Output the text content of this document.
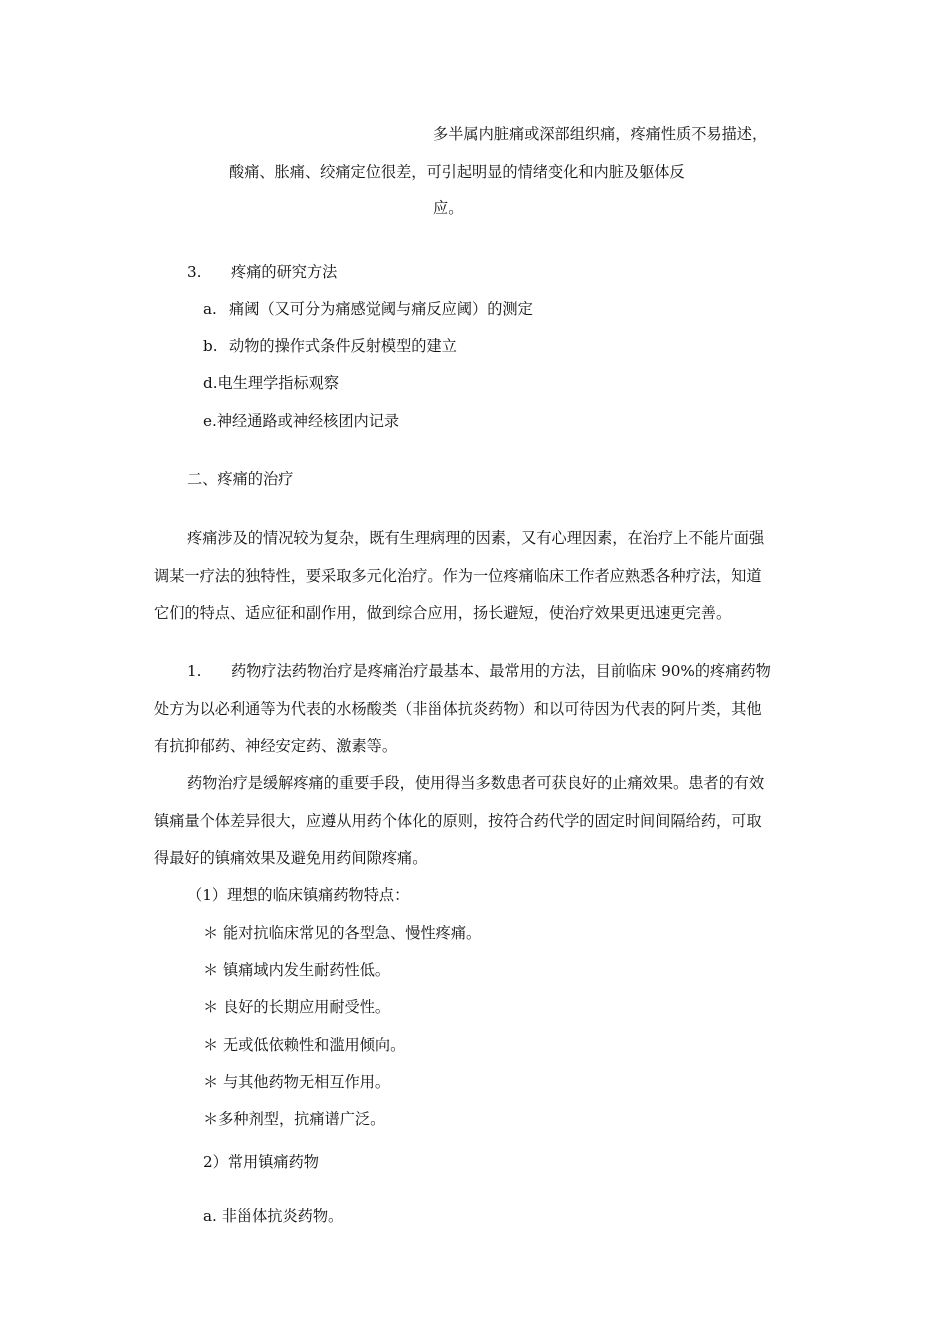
多半属内脏痛或深部组织痛，疼痛性质不易描述，
酸痛、胀痛、绞痛定位很差，可引起明显的情绪变化和内脏及躯体反
应。
3. 疼痛的研究方法
a. 痛阈（又可分为痛感觉阈与痛反应阈）的测定
b. 动物的操作式条件反射模型的建立
d.电生理学指标观察
e.神经通路或神经核团内记录
二、疼痛的治疗
疼痛涉及的情况较为复杂，既有生理病理的因素，又有心理因素，在治疗上不能片面强
调某一疗法的独特性，要采取多元化治疗。作为一位疼痛临床工作者应熟悉各种疗法，知道
它们的特点、适应征和副作用，做到综合应用，扬长避短，使治疗效果更迅速更完善。
1. 药物疗法药物治疗是疼痛治疗最基本、最常用的方法，目前临床 90%的疼痛药物
处方为以必利通等为代表的水杨酸类（非甾体抗炎药物）和以可待因为代表的阿片类，其他
有抗抑郁药、神经安定药、激素等。
药物治疗是缓解疼痛的重要手段，使用得当多数患者可获良好的止痛效果。患者的有效
镇痛量个体差异很大，应遵从用药个体化的原则，按符合药代学的固定时间间隔给药，可取
得最好的镇痛效果及避免用药间隙疼痛。
（1）理想的临床镇痛药物特点：
＊ 能对抗临床常见的各型急、慢性疼痛。
＊ 镇痛域内发生耐药性低。
＊ 良好的长期应用耐受性。
＊ 无或低依赖性和滥用倾向。
＊ 与其他药物无相互作用。
＊多种剂型，抗痛谱广泛。
2）常用镇痛药物
a. 非甾体抗炎药物。
